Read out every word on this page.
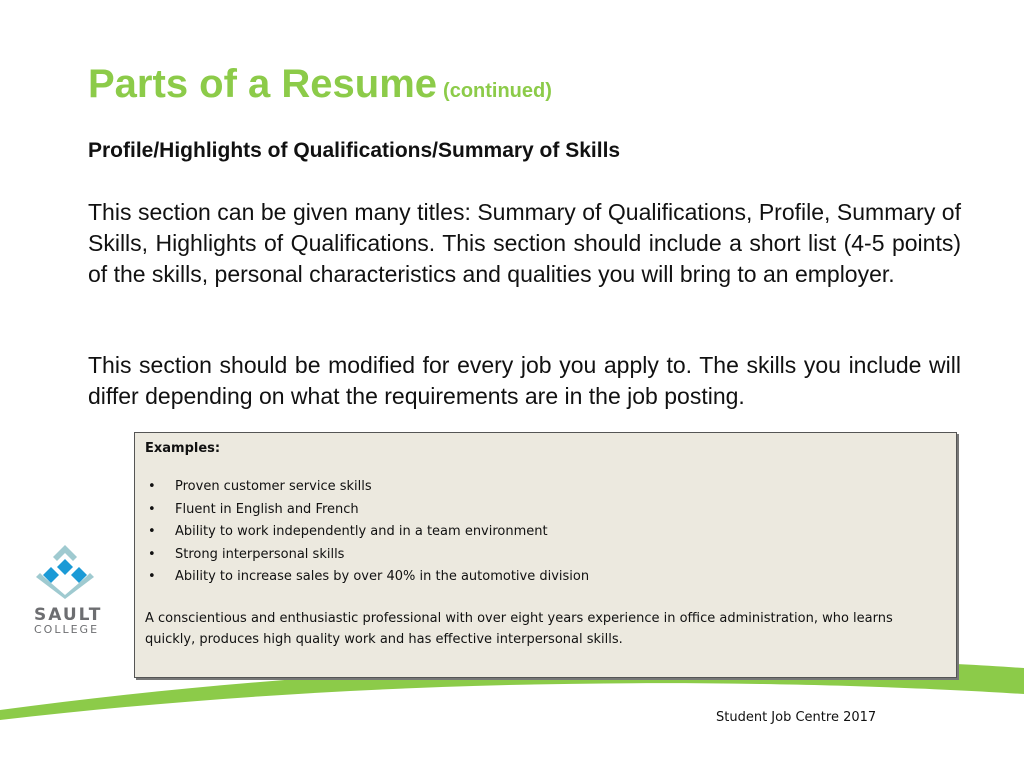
Parts of a Resume (continued)
Profile/Highlights of Qualifications/Summary of Skills
This section can be given many titles: Summary of Qualifications, Profile, Summary of Skills, Highlights of Qualifications. This section should include a short list (4-5 points) of the skills, personal characteristics and qualities you will bring to an employer.
This section should be modified for every job you apply to. The skills you include will differ depending on what the requirements are in the job posting.
Examples:
• Proven customer service skills
• Fluent in English and French
• Ability to work independently and in a team environment
• Strong interpersonal skills
• Ability to increase sales by over 40% in the automotive division
A conscientious and enthusiastic professional with over eight years experience in office administration, who learns quickly, produces high quality work and has effective interpersonal skills.
SAULT
COLLEGE
Student Job Centre 2017
